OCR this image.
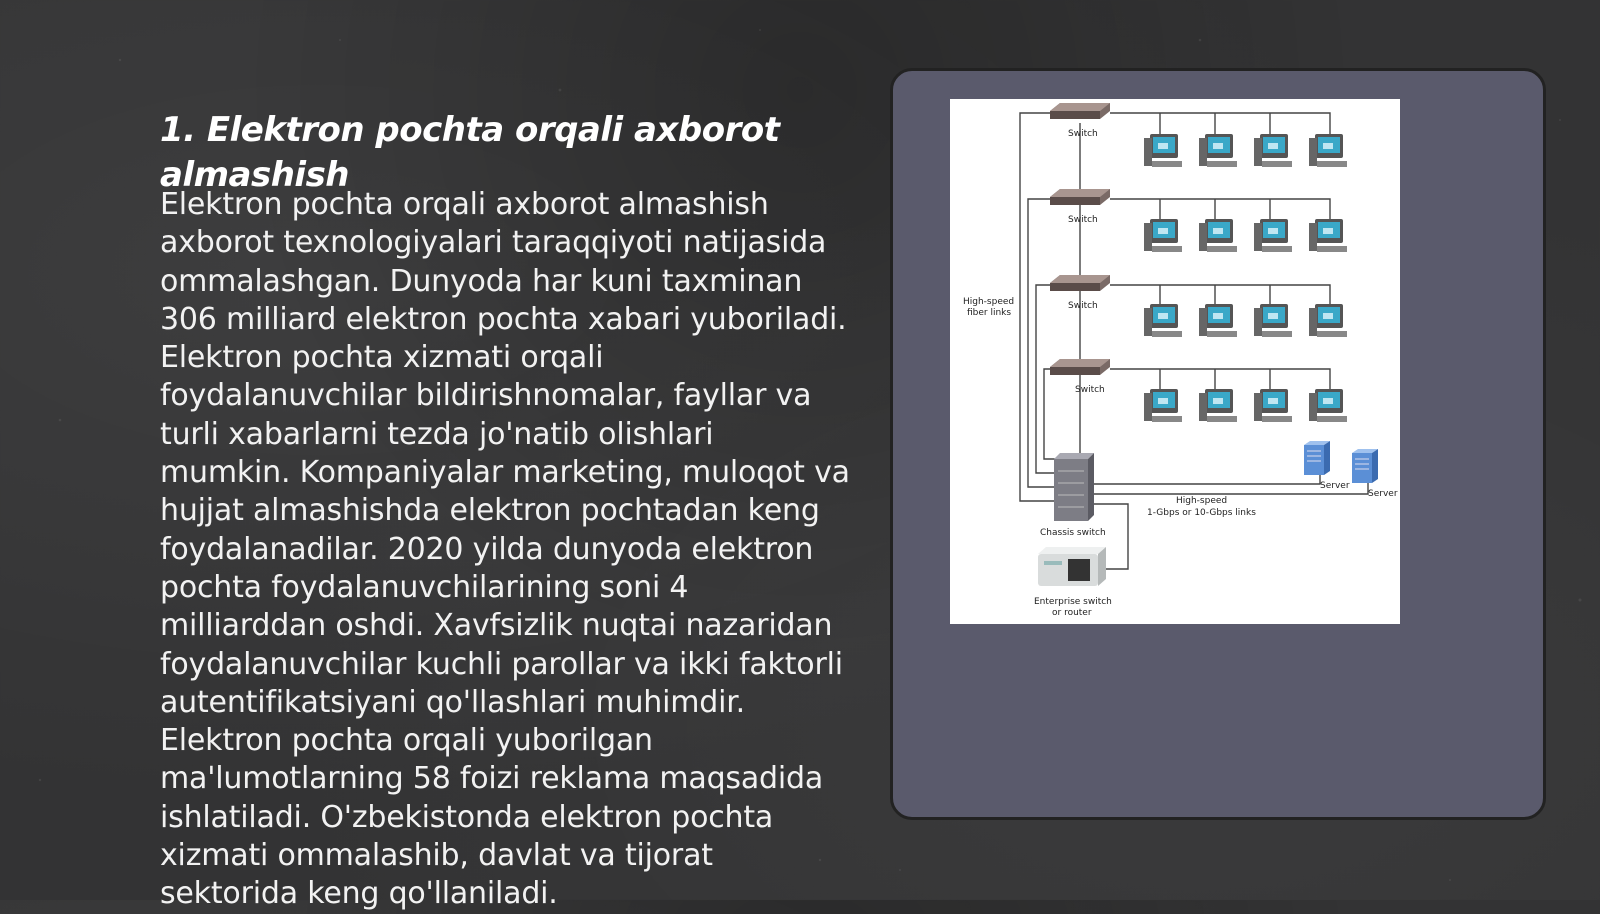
1. Elektron pochta orqali axborot almashish

Elektron pochta orqali axborot almashish axborot texnologiyalari taraqqiyoti natijasida ommalashgan. Dunyoda har kuni taxminan 306 milliard elektron pochta xabari yuboriladi. Elektron pochta xizmati orqali foydalanuvchilar bildirishnomalar, fayllar va turli xabarlarni tezda jo'natib olishlari mumkin. Kompaniyalar marketing, muloqot va hujjat almashishda elektron pochtadan keng foydalanadilar. 2020 yilda dunyoda elektron pochta foydalanuvchilarining soni 4 milliarddan oshdi. Xavfsizlik nuqtai nazaridan foydalanuvchilar kuchli parollar va ikki faktorli autentifikatsiyani qo'llashlari muhimdir. Elektron pochta orqali yuborilgan ma'lumotlarning 58 foizi reklama maqsadida ishlatiladi. O'zbekistonda elektron pochta xizmati ommalashib, davlat va tijorat sektorida keng qo'llaniladi.

Switch
Switch
Switch
Switch
High-speed
fiber links
Server
Server
Chassis switch
High-speed
1-Gbps or 10-Gbps links
Enterprise switch
or router
